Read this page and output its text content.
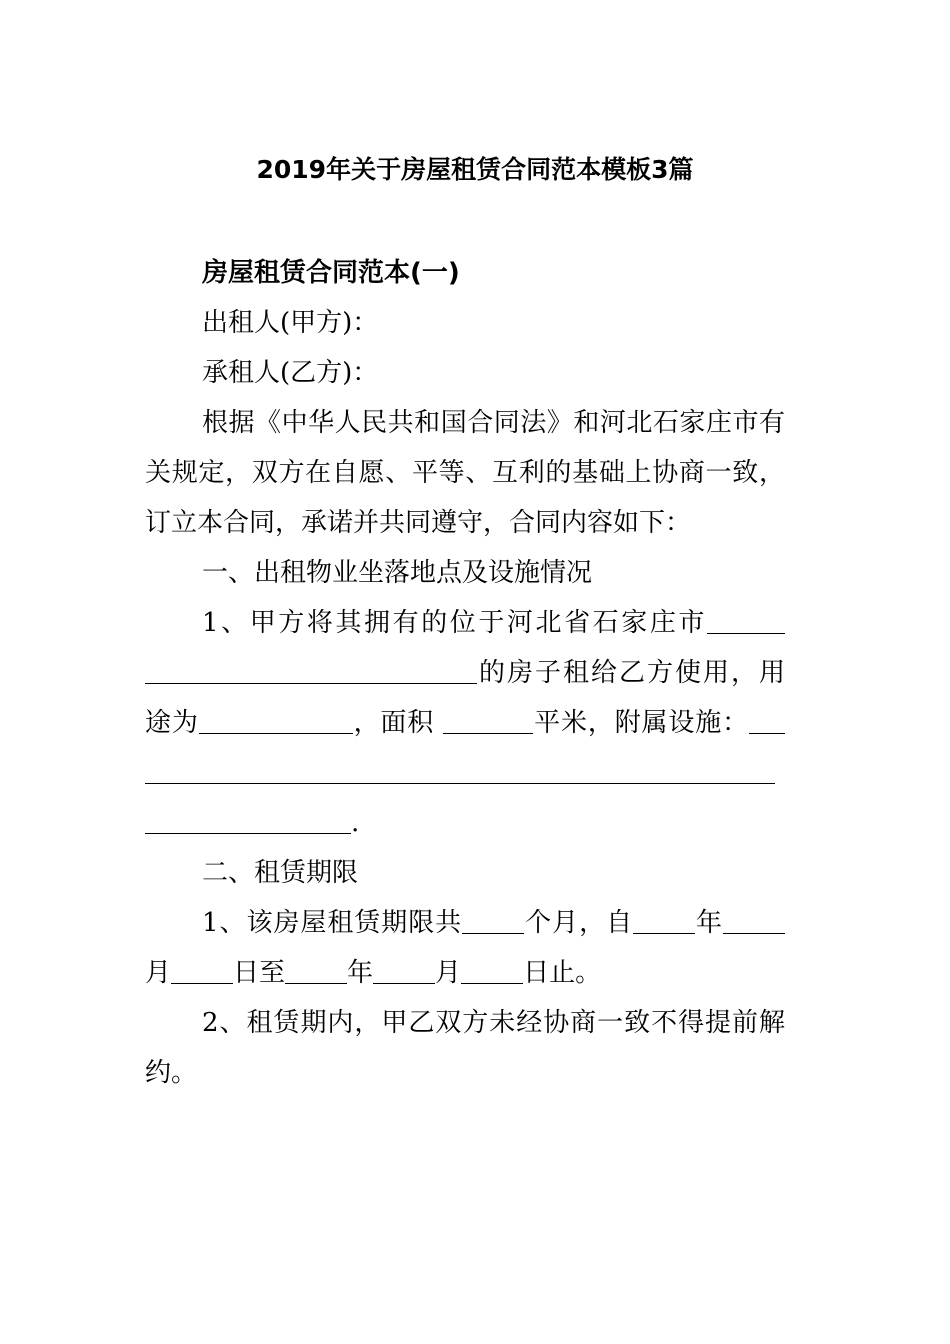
2019年关于房屋租赁合同范本模板3篇

房屋租赁合同范本(一)

出租人(甲方)：

承租人(乙方)：

根据《中华人民共和国合同法》和河北石家庄市有关规定，双方在自愿、平等、互利的基础上协商一致，订立本合同，承诺并共同遵守，合同内容如下：

一、出租物业坐落地点及设施情况

1、甲方将其拥有的位于河北省石家庄市的房子租给乙方使用，用途为	，面积	平米，附属设施：.

二、租赁期限

1、该房屋租赁期限共 个月，自 年月 日至 年 月 日止。

2、租赁期内，甲乙双方未经协商一致不得提前解约。
